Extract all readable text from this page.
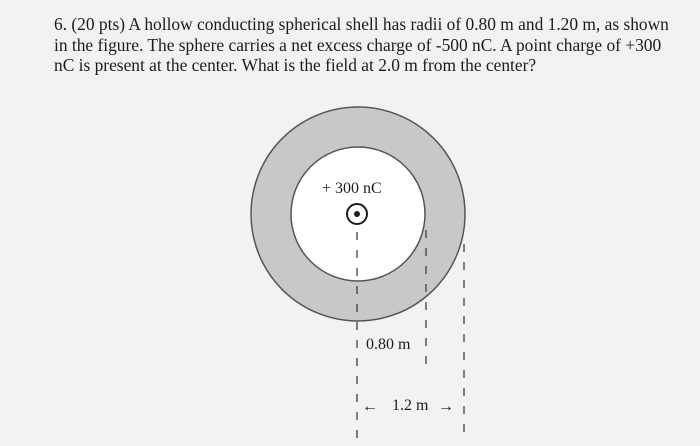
6. (20 pts) A hollow conducting spherical shell has radii of 0.80 m and 1.20 m, as shown
in the figure. The sphere carries a net excess charge of -500 nC. A point charge of +300
nC is present at the center. What is the field at 2.0 m from the center?
+ 300 nC
0.80 m
← 1.2 m →
